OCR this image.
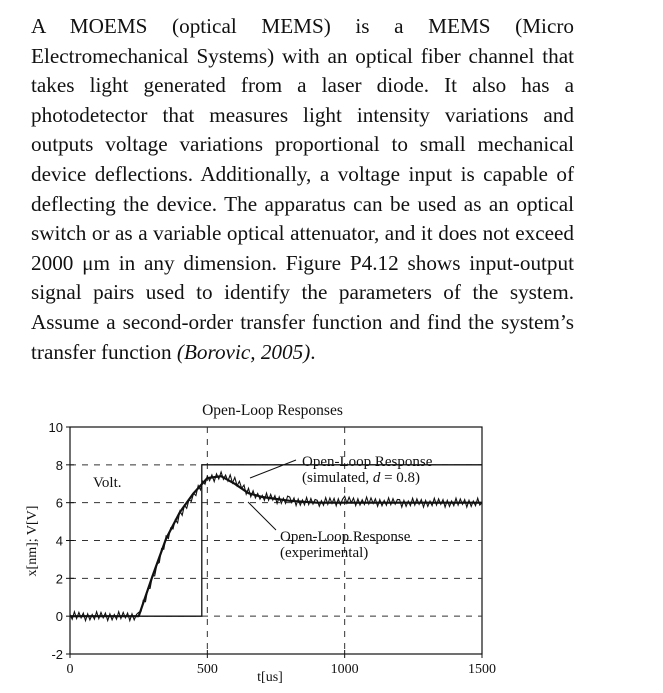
A MOEMS (optical MEMS) is a MEMS (Micro Electromechanical Systems) with an optical fiber channel that takes light generated from a laser diode. It also has a photodetector that measures light intensity variations and outputs voltage variations proportional to small mechanical device deflections. Additionally, a voltage input is capable of deflecting the device. The apparatus can be used as an optical switch or as a variable optical attenuator, and it does not exceed 2000 μm in any dimension. Figure P4.12 shows input-output signal pairs used to identify the parameters of the system. Assume a second-order transfer function and find the system’s transfer function (Borovic, 2005).

Open-Loop Responses
-2
0
2
4
6
8
10
0	500	1000	1500
t[us]
x[nm]; V[V]
Volt.
Open-Loop Response
(simulated, d = 0.8)
Open-Loop Response
(experimental)
